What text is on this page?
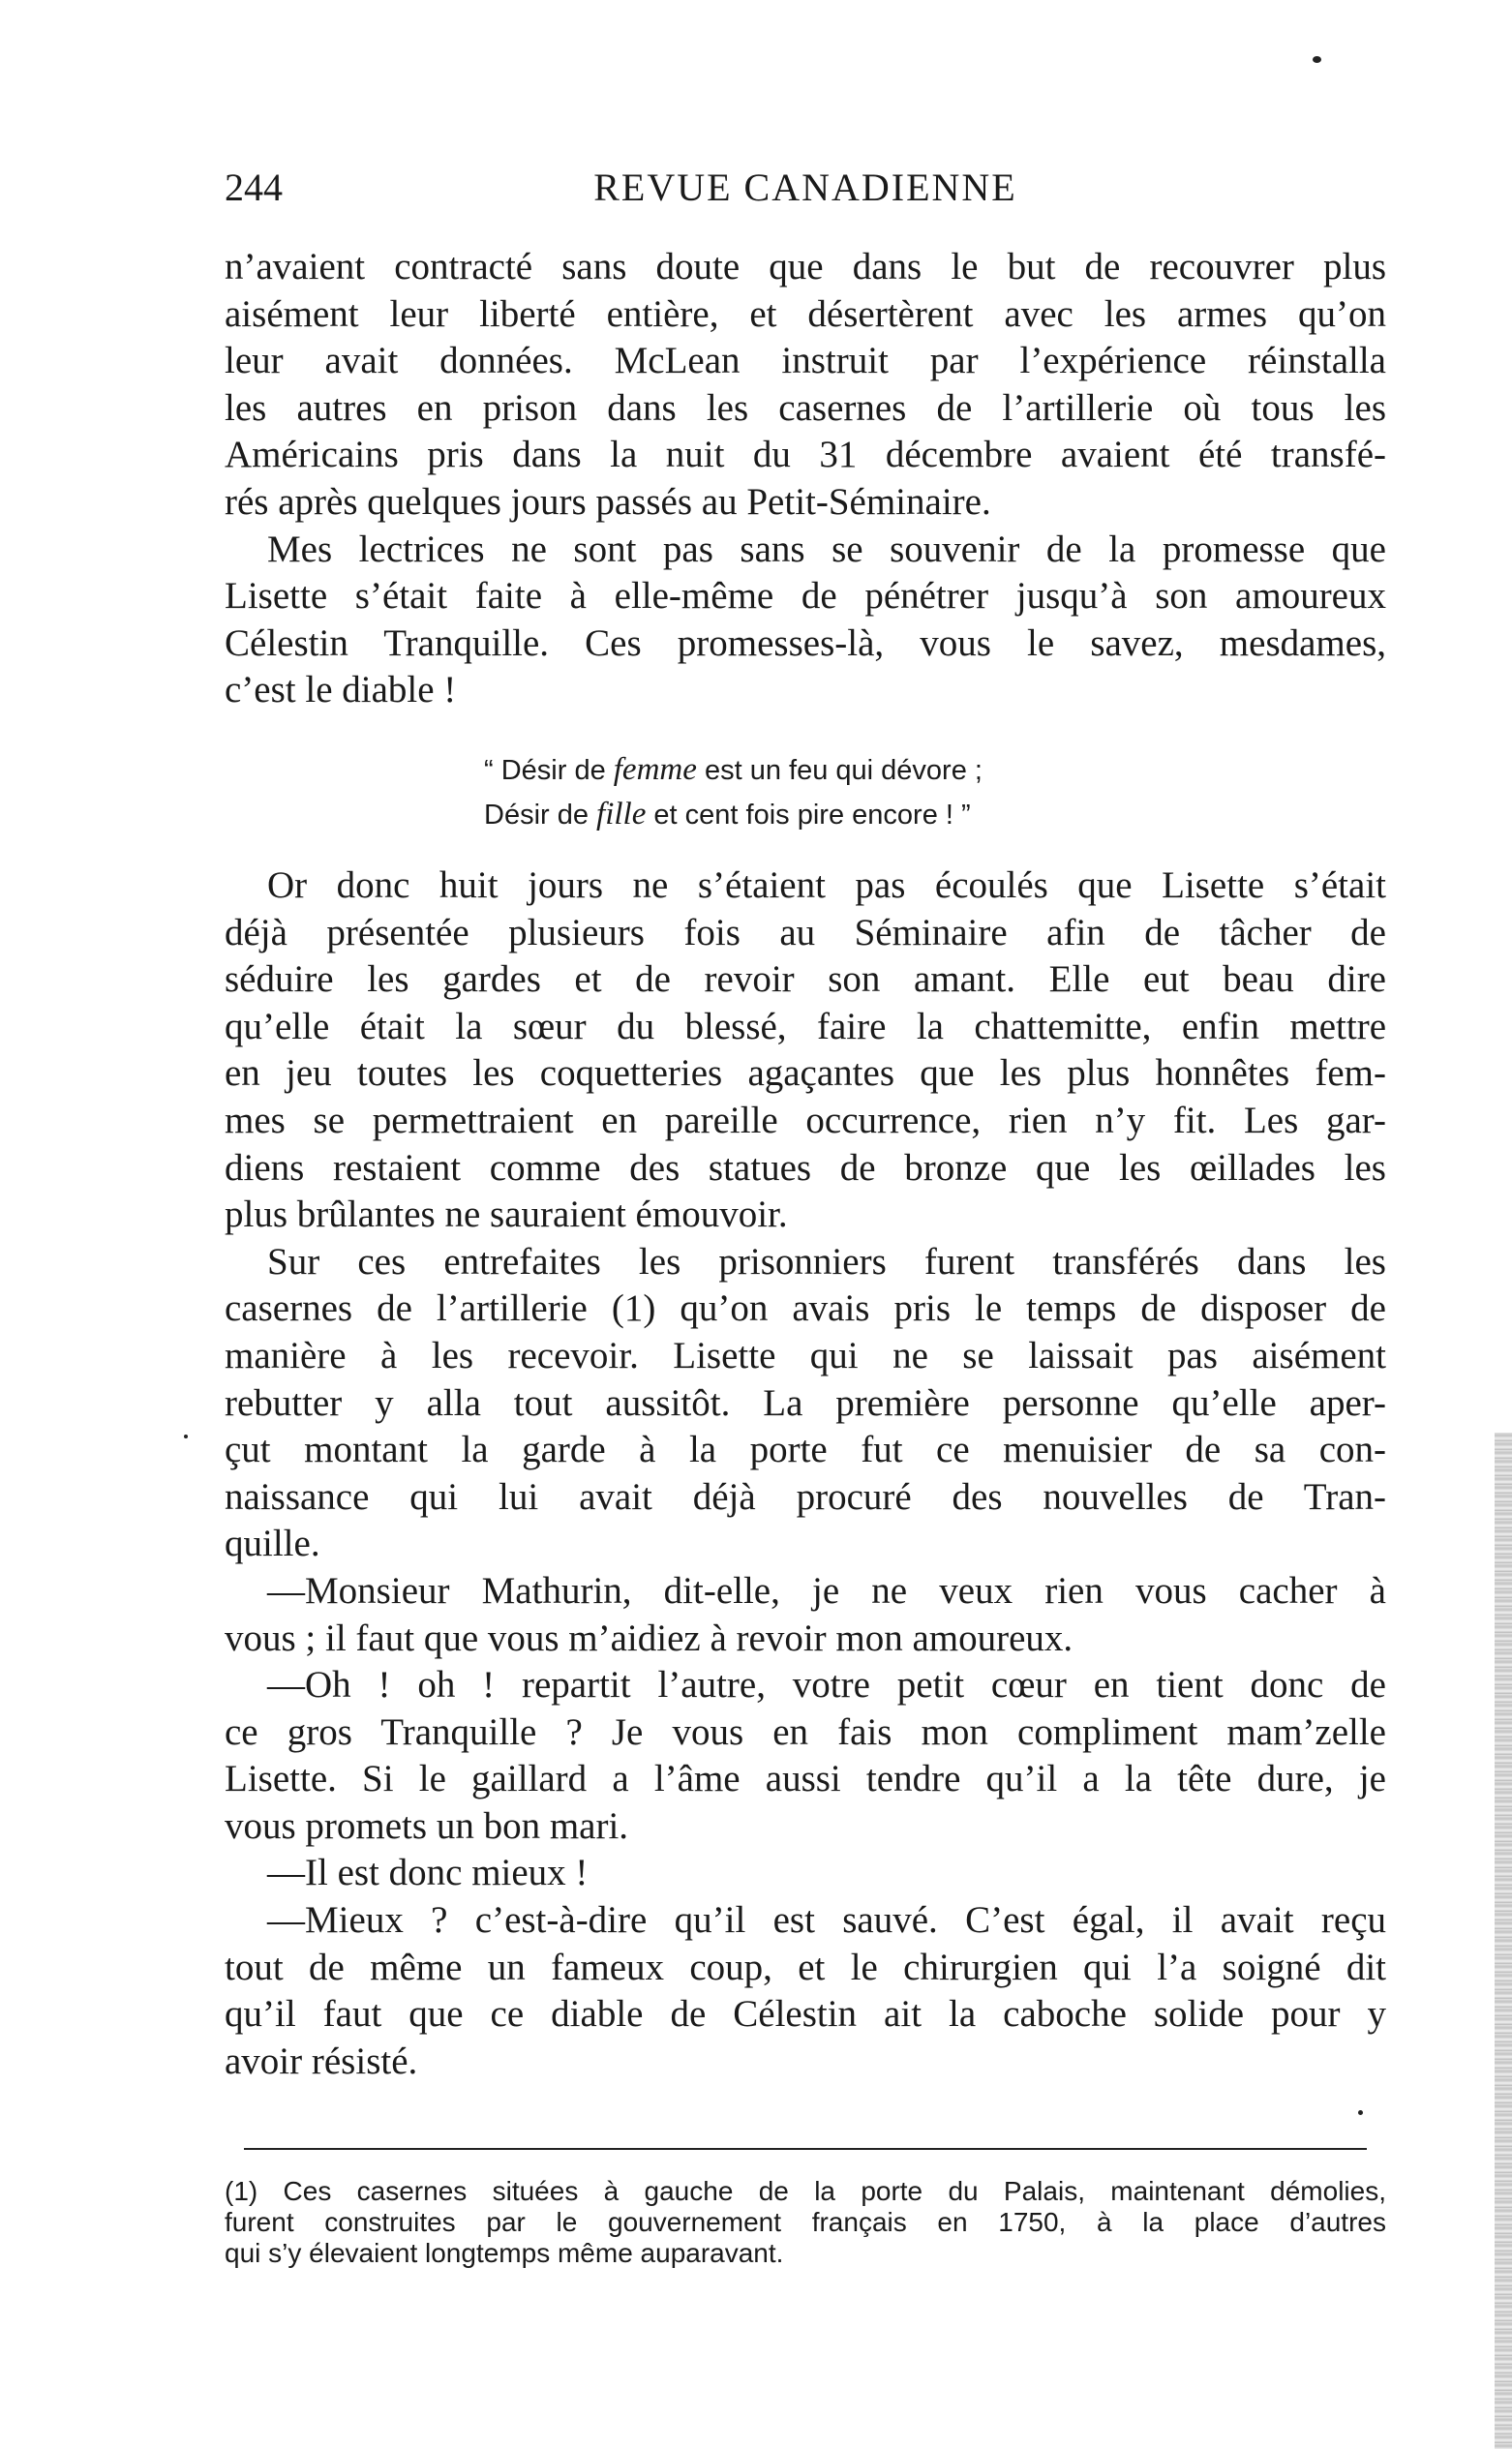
244	REVUE CANADIENNE
n’avaient contracté sans doute que dans le but de recouvrer plus
aisément leur liberté entière, et désertèrent avec les armes qu’on
leur avait données. McLean instruit par l’expérience réinstalla
les autres en prison dans les casernes de l’artillerie où tous les
Américains pris dans la nuit du 31 décembre avaient été transfé-
rés après quelques jours passés au Petit-Séminaire.
Mes lectrices ne sont pas sans se souvenir de la promesse que
Lisette s’était faite à elle-même de pénétrer jusqu’à son amoureux
Célestin Tranquille. Ces promesses-là, vous le savez, mesdames,
c’est le diable !
“ Désir de femme est un feu qui dévore ;
Désir de fille et cent fois pire encore ! ”
Or donc huit jours ne s’étaient pas écoulés que Lisette s’était
déjà présentée plusieurs fois au Séminaire afin de tâcher de
séduire les gardes et de revoir son amant. Elle eut beau dire
qu’elle était la sœur du blessé, faire la chattemitte, enfin mettre
en jeu toutes les coquetteries agaçantes que les plus honnêtes fem-
mes se permettraient en pareille occurrence, rien n’y fit. Les gar-
diens restaient comme des statues de bronze que les œillades les
plus brûlantes ne sauraient émouvoir.
Sur ces entrefaites les prisonniers furent transférés dans les
casernes de l’artillerie (1) qu’on avais pris le temps de disposer de
manière à les recevoir. Lisette qui ne se laissait pas aisément
rebutter y alla tout aussitôt. La première personne qu’elle aper-
çut montant la garde à la porte fut ce menuisier de sa con-
naissance qui lui avait déjà procuré des nouvelles de Tran-
quille.
—Monsieur Mathurin, dit-elle, je ne veux rien vous cacher à
vous ; il faut que vous m’aidiez à revoir mon amoureux.
—Oh ! oh ! repartit l’autre, votre petit cœur en tient donc de
ce gros Tranquille ? Je vous en fais mon compliment mam’zelle
Lisette. Si le gaillard a l’âme aussi tendre qu’il a la tête dure, je
vous promets un bon mari.
—Il est donc mieux !
—Mieux ? c’est-à-dire qu’il est sauvé. C’est égal, il avait reçu
tout de même un fameux coup, et le chirurgien qui l’a soigné dit
qu’il faut que ce diable de Célestin ait la caboche solide pour y
avoir résisté.
(1) Ces casernes situées à gauche de la porte du Palais, maintenant démolies,
furent construites par le gouvernement français en 1750, à la place d’autres
qui s’y élevaient longtemps même auparavant.
